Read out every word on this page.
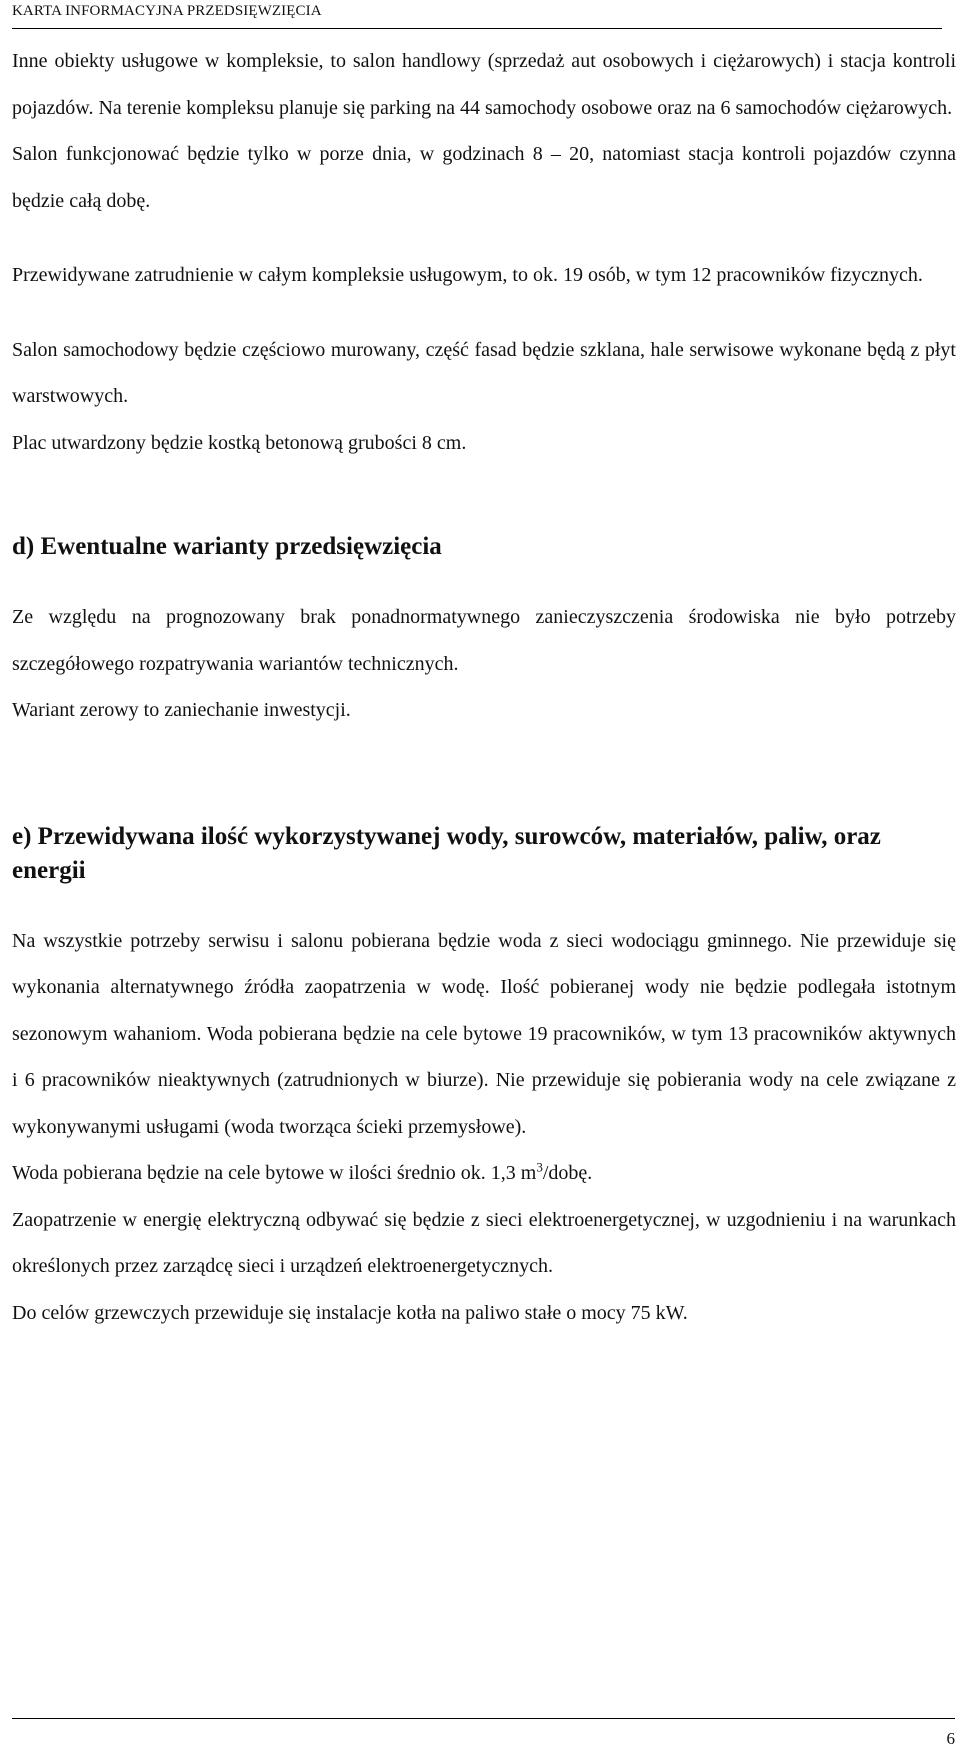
KARTA INFORMACYJNA PRZEDSIĘWZIĘCIA

Inne obiekty usługowe w kompleksie, to salon handlowy (sprzedaż aut osobowych i ciężarowych) i stacja kontroli pojazdów. Na terenie kompleksu planuje się parking na 44 samochody osobowe oraz na 6 samochodów ciężarowych.

Salon funkcjonować będzie tylko w porze dnia, w godzinach 8 – 20, natomiast stacja kontroli pojazdów czynna będzie całą dobę.

Przewidywane zatrudnienie w całym kompleksie usługowym, to ok. 19 osób, w tym 12 pracowników fizycznych.

Salon samochodowy będzie częściowo murowany, część fasad będzie szklana, hale serwisowe wykonane będą z płyt warstwowych.

Plac utwardzony będzie kostką betonową grubości 8 cm.

d) Ewentualne warianty przedsięwzięcia

Ze względu na prognozowany brak ponadnormatywnego zanieczyszczenia środowiska nie było potrzeby szczegółowego rozpatrywania wariantów technicznych.

Wariant zerowy to zaniechanie inwestycji.

e) Przewidywana ilość wykorzystywanej wody, surowców, materiałów, paliw, oraz energii

Na wszystkie potrzeby serwisu i salonu pobierana będzie woda z sieci wodociągu gminnego. Nie przewiduje się wykonania alternatywnego źródła zaopatrzenia w wodę. Ilość pobieranej wody nie będzie podlegała istotnym sezonowym wahaniom. Woda pobierana będzie na cele bytowe 19 pracowników, w tym 13 pracowników aktywnych i 6 pracowników nieaktywnych (zatrudnionych w biurze). Nie przewiduje się pobierania wody na cele związane z wykonywanymi usługami (woda tworząca ścieki przemysłowe).

Woda pobierana będzie na cele bytowe w ilości średnio ok. 1,3 $m^3$/dobę.

Zaopatrzenie w energię elektryczną odbywać się będzie z sieci elektroenergetycznej, w uzgodnieniu i na warunkach określonych przez zarządcę sieci i urządzeń elektroenergetycznych.

Do celów grzewczych przewiduje się instalacje kotła na paliwo stałe o mocy 75 kW.

6
